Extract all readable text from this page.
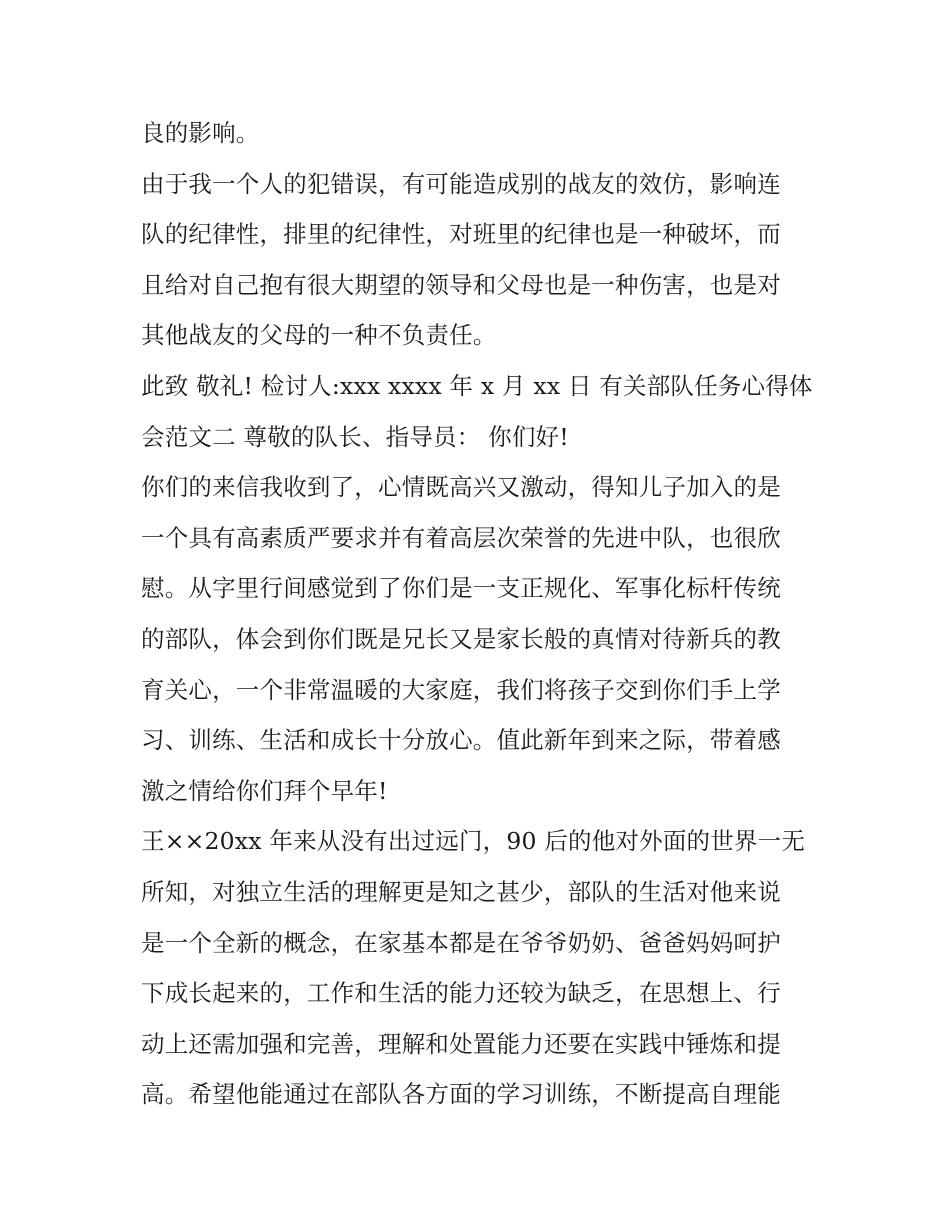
良的影响。
由于我一个人的犯错误，有可能造成别的战友的效仿，影响连
队的纪律性，排里的纪律性，对班里的纪律也是一种破坏，而
且给对自己抱有很大期望的领导和父母也是一种伤害，也是对
其他战友的父母的一种不负责任。
此致 敬礼! 检讨人:xxx xxxx 年 x 月 xx 日 有关部队任务心得体
会范文二 尊敬的队长、指导员： 你们好!
你们的来信我收到了，心情既高兴又激动，得知儿子加入的是
一个具有高素质严要求并有着高层次荣誉的先进中队，也很欣
慰。从字里行间感觉到了你们是一支正规化、军事化标杆传统
的部队，体会到你们既是兄长又是家长般的真情对待新兵的教
育关心，一个非常温暖的大家庭，我们将孩子交到你们手上学
习、训练、生活和成长十分放心。值此新年到来之际，带着感
激之情给你们拜个早年!
王××20xx 年来从没有出过远门，90 后的他对外面的世界一无
所知，对独立生活的理解更是知之甚少，部队的生活对他来说
是一个全新的概念，在家基本都是在爷爷奶奶、爸爸妈妈呵护
下成长起来的，工作和生活的能力还较为缺乏，在思想上、行
动上还需加强和完善，理解和处置能力还要在实践中锤炼和提
高。希望他能通过在部队各方面的学习训练，不断提高自理能
